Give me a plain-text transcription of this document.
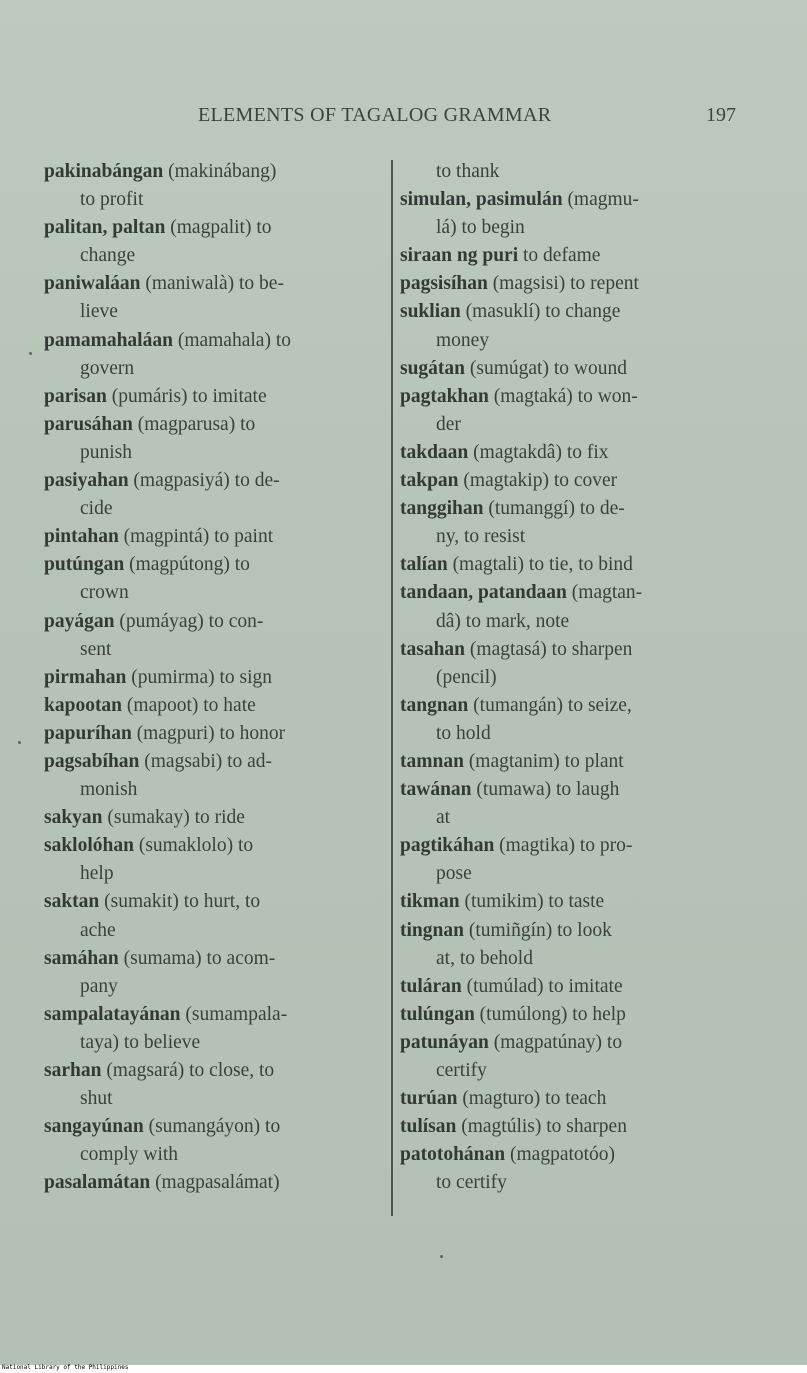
ELEMENTS OF TAGALOG GRAMMAR	197
pakinabángan (makinábang)
to profit
palitan, paltan (magpalit) to
change
paniwaláan (maniwalà) to be-
lieve
pamamahaláan (mamahala) to
govern
parisan (pumáris) to imitate
parusáhan (magparusa) to
punish
pasiyahan (magpasiyá) to de-
cide
pintahan (magpintá) to paint
putúngan (magpútong) to
crown
payágan (pumáyag) to con-
sent
pirmahan (pumirma) to sign
kapootan (mapoot) to hate
papuríhan (magpuri) to honor
pagsabíhan (magsabi) to ad-
monish
sakyan (sumakay) to ride
saklolóhan (sumaklolo) to
help
saktan (sumakit) to hurt, to
ache
samáhan (sumama) to acom-
pany
sampalatayánan (sumampala-
taya) to believe
sarhan (magsará) to close, to
shut
sangayúnan (sumangáyon) to
comply with
pasalamátan (magpasalámat)
to thank
simulan, pasimulán (magmu-
lá) to begin
siraan ng puri to defame
pagsisíhan (magsisi) to repent
suklian (masuklí) to change
money
sugátan (sumúgat) to wound
pagtakhan (magtaká) to won-
der
takdaan (magtakdâ) to fix
takpan (magtakip) to cover
tanggihan (tumanggí) to de-
ny, to resist
talían (magtali) to tie, to bind
tandaan, patandaan (magtan-
dâ) to mark, note
tasahan (magtasá) to sharpen
(pencil)
tangnan (tumangán) to seize,
to hold
tamnan (magtanim) to plant
tawánan (tumawa) to laugh
at
pagtikáhan (magtika) to pro-
pose
tikman (tumikim) to taste
tingnan (tumiñgín) to look
at, to behold
tuláran (tumúlad) to imitate
tulúngan (tumúlong) to help
patunáyan (magpatúnay) to
certify
turúan (magturo) to teach
tulísan (magtúlis) to sharpen
patotohánan (magpatotóo)
to certify
National Library of the Philippines
